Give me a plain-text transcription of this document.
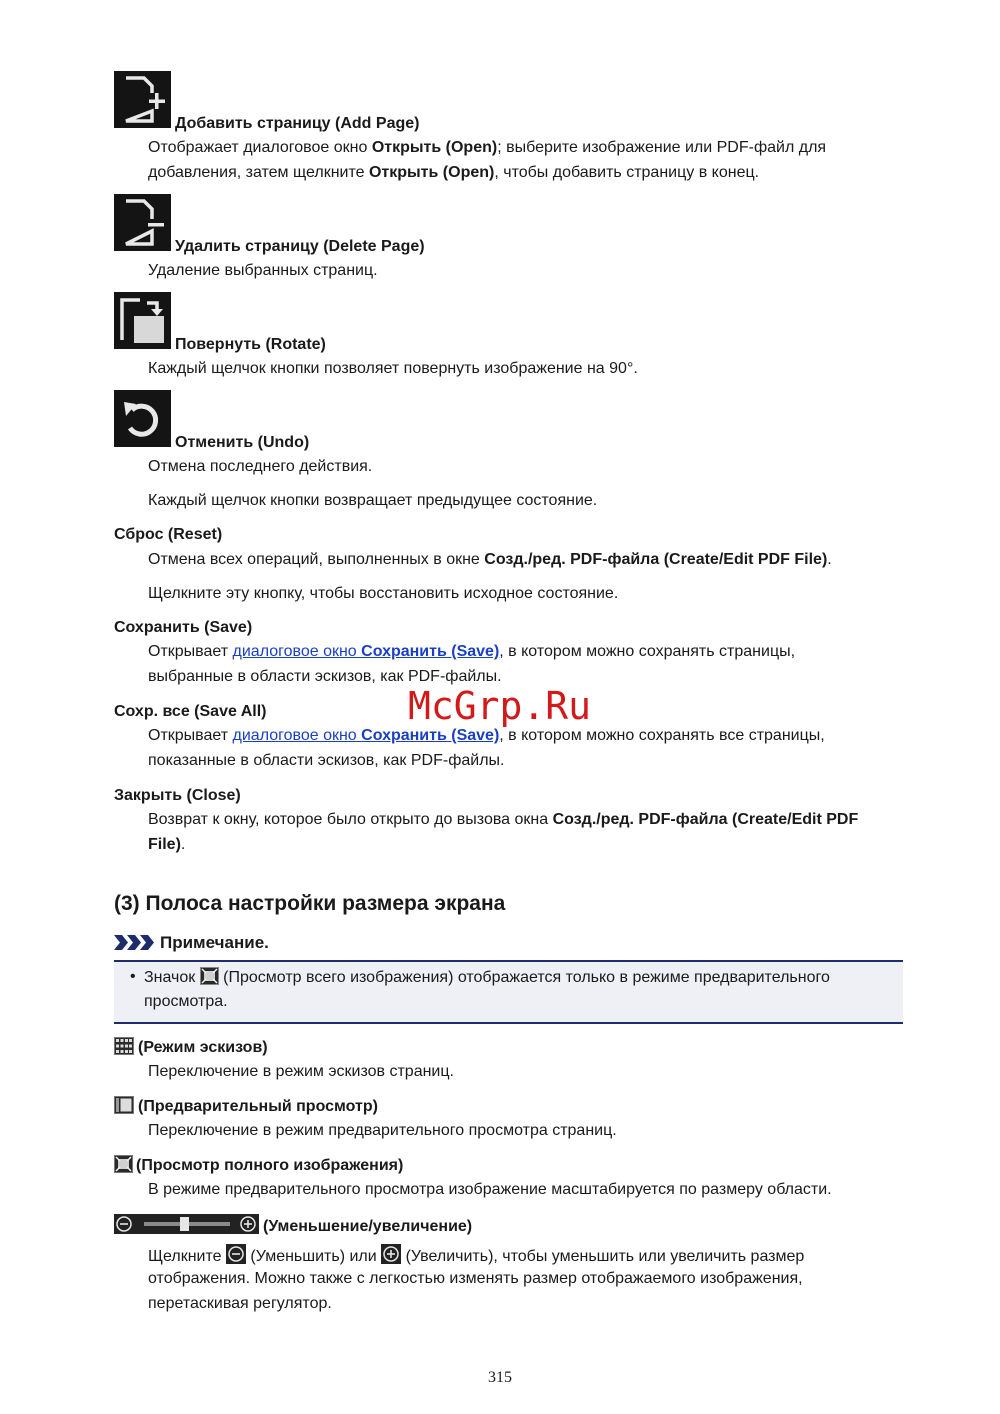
Добавить страницу (Add Page)
Отображает диалоговое окно Открыть (Open); выберите изображение или PDF-файл для
добавления, затем щелкните Открыть (Open), чтобы добавить страницу в конец.
Удалить страницу (Delete Page)
Удаление выбранных страниц.
Повернуть (Rotate)
Каждый щелчок кнопки позволяет повернуть изображение на 90°.
Отменить (Undo)
Отмена последнего действия.
Каждый щелчок кнопки возвращает предыдущее состояние.
Сброс (Reset)
Отмена всех операций, выполненных в окне Созд./ред. PDF-файла (Create/Edit PDF File).
Щелкните эту кнопку, чтобы восстановить исходное состояние.
Сохранить (Save)
Открывает диалоговое окно Сохранить (Save), в котором можно сохранять страницы,
выбранные в области эскизов, как PDF-файлы.
Сохр. все (Save All)
Открывает диалоговое окно Сохранить (Save), в котором можно сохранять все страницы,
показанные в области эскизов, как PDF-файлы.
McGrp.Ru
Закрыть (Close)
Возврат к окну, которое было открыто до вызова окна Созд./ред. PDF-файла (Create/Edit PDF
File).
(3) Полоса настройки размера экрана
Примечание.
• Значок  (Просмотр всего изображения) отображается только в режиме предварительного
просмотра.
(Режим эскизов)
Переключение в режим эскизов страниц.
(Предварительный просмотр)
Переключение в режим предварительного просмотра страниц.
(Просмотр полного изображения)
В режиме предварительного просмотра изображение масштабируется по размеру области.
(Уменьшение/увеличение)
Щелкните  (Уменьшить) или  (Увеличить), чтобы уменьшить или увеличить размер
отображения. Можно также с легкостью изменять размер отображаемого изображения,
перетаскивая регулятор.
315
